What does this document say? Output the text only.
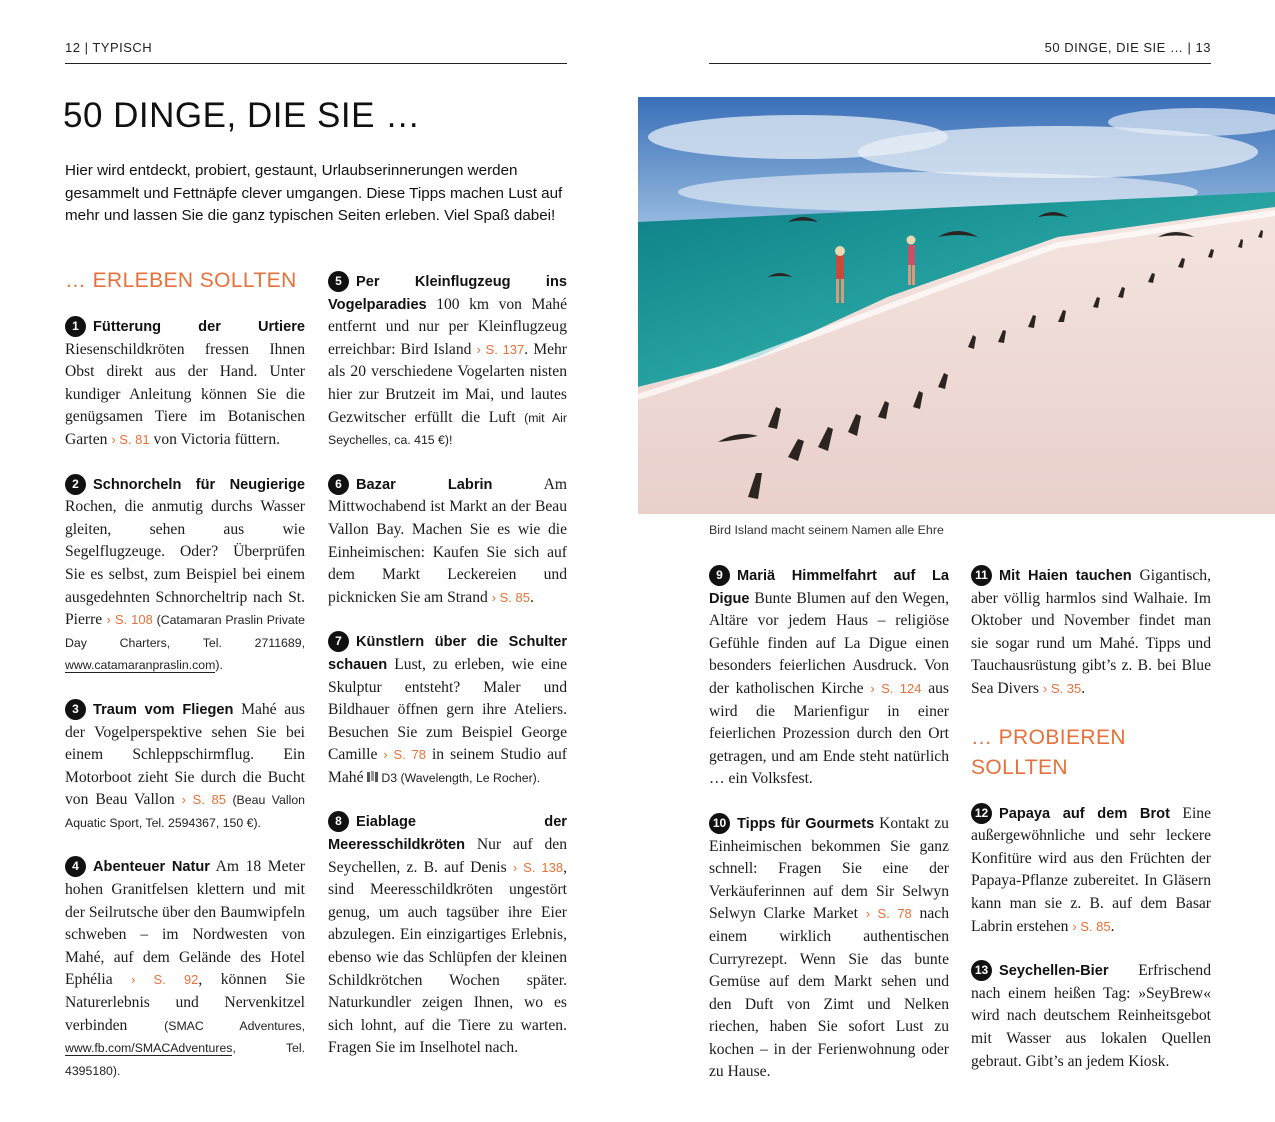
12 | TYPISCH	50 DINGE, DIE SIE … | 13
50 DINGE, DIE SIE …

Hier wird entdeckt, probiert, gestaunt, Urlaubserinnerungen werden gesammelt und Fettnäpfe clever umgangen. Diese Tipps machen Lust auf mehr und lassen Sie die ganz typischen Seiten erleben. Viel Spaß dabei!

… ERLEBEN SOLLTEN

1 Fütterung der Urtiere Riesenschildkröten fressen Ihnen Obst direkt aus der Hand. Unter kundiger Anleitung können Sie die genügsamen Tiere im Botanischen Garten › S. 81 von Victoria füttern.

2 Schnorcheln für Neugierige Rochen, die anmutig durchs Wasser gleiten, sehen aus wie Segelflugzeuge. Oder? Überprüfen Sie es selbst, zum Beispiel bei einem ausgedehnten Schnorcheltrip nach St. Pierre › S. 108 (Catamaran Praslin Private Day Charters, Tel. 2711689, www.catamaranpraslin.com).

3 Traum vom Fliegen Mahé aus der Vogelperspektive sehen Sie bei einem Schleppschirmflug. Ein Motorboot zieht Sie durch die Bucht von Beau Vallon › S. 85 (Beau Vallon Aquatic Sport, Tel. 2594367, 150 €).

4 Abenteuer Natur Am 18 Meter hohen Granitfelsen klettern und mit der Seilrutsche über den Baumwipfeln schweben – im Nordwesten von Mahé, auf dem Gelände des Hotel Ephélia › S. 92, können Sie Naturerlebnis und Nervenkitzel verbinden (SMAC Adventures, www.fb.com/SMACAdventures, Tel. 4395180).

5 Per Kleinflugzeug ins Vogelparadies 100 km von Mahé entfernt und nur per Kleinflugzeug erreichbar: Bird Island › S. 137. Mehr als 20 verschiedene Vogelarten nisten hier zur Brutzeit im Mai, und lautes Gezwitscher erfüllt die Luft (mit Air Seychelles, ca. 415 €)!

6 Bazar Labrin Am Mittwochabend ist Markt an der Beau Vallon Bay. Machen Sie es wie die Einheimischen: Kaufen Sie sich auf dem Markt Leckereien und picknicken Sie am Strand › S. 85.

7 Künstlern über die Schulter schauen Lust, zu erleben, wie eine Skulptur entsteht? Maler und Bildhauer öffnen gern ihre Ateliers. Besuchen Sie zum Beispiel George Camille › S. 78 in seinem Studio auf Mahé D3 (Wavelength, Le Rocher).

8 Eiablage der Meeresschildkröten Nur auf den Seychellen, z. B. auf Denis › S. 138, sind Meeresschildkröten ungestört genug, um auch tagsüber ihre Eier abzulegen. Ein einzigartiges Erlebnis, ebenso wie das Schlüpfen der kleinen Schildkrötchen Wochen später. Naturkundler zeigen Ihnen, wo es sich lohnt, auf die Tiere zu warten. Fragen Sie im Inselhotel nach.

Bird Island macht seinem Namen alle Ehre

9 Mariä Himmelfahrt auf La Digue Bunte Blumen auf den Wegen, Altäre vor jedem Haus – religiöse Gefühle finden auf La Digue einen besonders feierlichen Ausdruck. Von der katholischen Kirche › S. 124 aus wird die Marienfigur in einer feierlichen Prozession durch den Ort getragen, und am Ende steht natürlich … ein Volksfest.

10 Tipps für Gourmets Kontakt zu Einheimischen bekommen Sie ganz schnell: Fragen Sie eine der Verkäuferinnen auf dem Sir Selwyn Selwyn Clarke Market › S. 78 nach einem wirklich authentischen Curryrezept. Wenn Sie das bunte Gemüse auf dem Markt sehen und den Duft von Zimt und Nelken riechen, haben Sie sofort Lust zu kochen – in der Ferienwohnung oder zu Hause.

11 Mit Haien tauchen Gigantisch, aber völlig harmlos sind Walhaie. Im Oktober und November findet man sie sogar rund um Mahé. Tipps und Tauchausrüstung gibt’s z. B. bei Blue Sea Divers › S. 35.

… PROBIEREN SOLLTEN

12 Papaya auf dem Brot Eine außergewöhnliche und sehr leckere Konfitüre wird aus den Früchten der Papaya-Pflanze zubereitet. In Gläsern kann man sie z. B. auf dem Basar Labrin erstehen › S. 85.

13 Seychellen-Bier Erfrischend nach einem heißen Tag: »SeyBrew« wird nach deutschem Reinheitsgebot mit Wasser aus lokalen Quellen gebraut. Gibt’s an jedem Kiosk.
